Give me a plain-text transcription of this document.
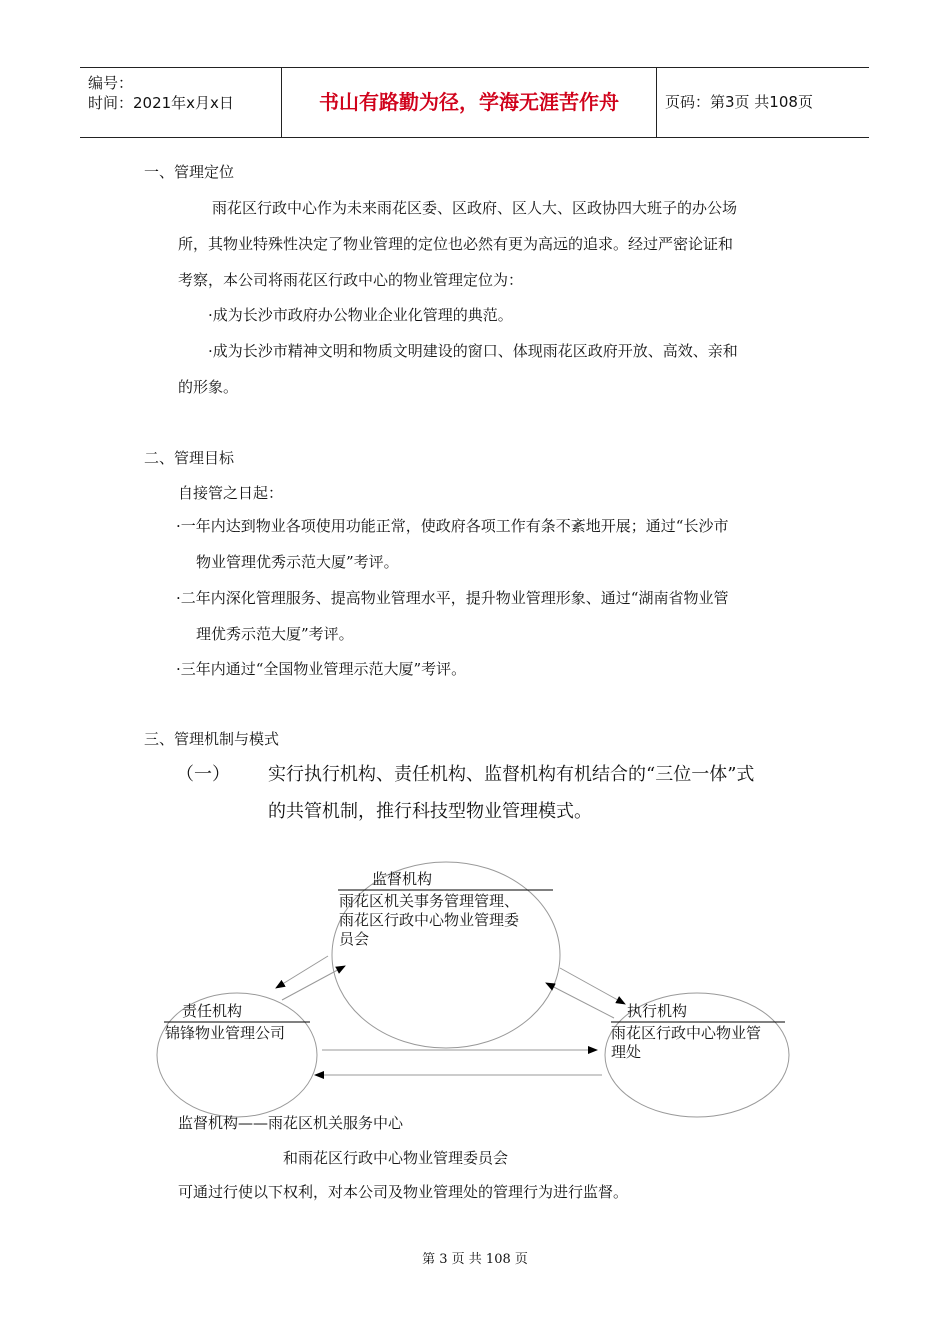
编号：
时间：2021年x月x日	书山有路勤为径，学海无涯苦作舟	页码：第3页 共108页
一、管理定位
雨花区行政中心作为未来雨花区委、区政府、区人大、区政协四大班子的办公场
所，其物业特殊性决定了物业管理的定位也必然有更为高远的追求。经过严密论证和
考察，本公司将雨花区行政中心的物业管理定位为：
·成为长沙市政府办公物业企业化管理的典范。
·成为长沙市精神文明和物质文明建设的窗口、体现雨花区政府开放、高效、亲和
的形象。
二、管理目标
自接管之日起：
·一年内达到物业各项使用功能正常，使政府各项工作有条不紊地开展；通过“长沙市
物业管理优秀示范大厦”考评。
·二年内深化管理服务、提高物业管理水平，提升物业管理形象、通过“湖南省物业管
理优秀示范大厦”考评。
·三年内通过“全国物业管理示范大厦”考评。
三、管理机制与模式
（一） 实行执行机构、责任机构、监督机构有机结合的“三位一体”式
的共管机制，推行科技型物业管理模式。
监督机构
雨花区机关事务管理管理、
雨花区行政中心物业管理委
员会
责任机构
锦锋物业管理公司
执行机构
雨花区行政中心物业管
理处
监督机构——雨花区机关服务中心
和雨花区行政中心物业管理委员会
可通过行使以下权利，对本公司及物业管理处的管理行为进行监督。
第 3 页 共 108 页
